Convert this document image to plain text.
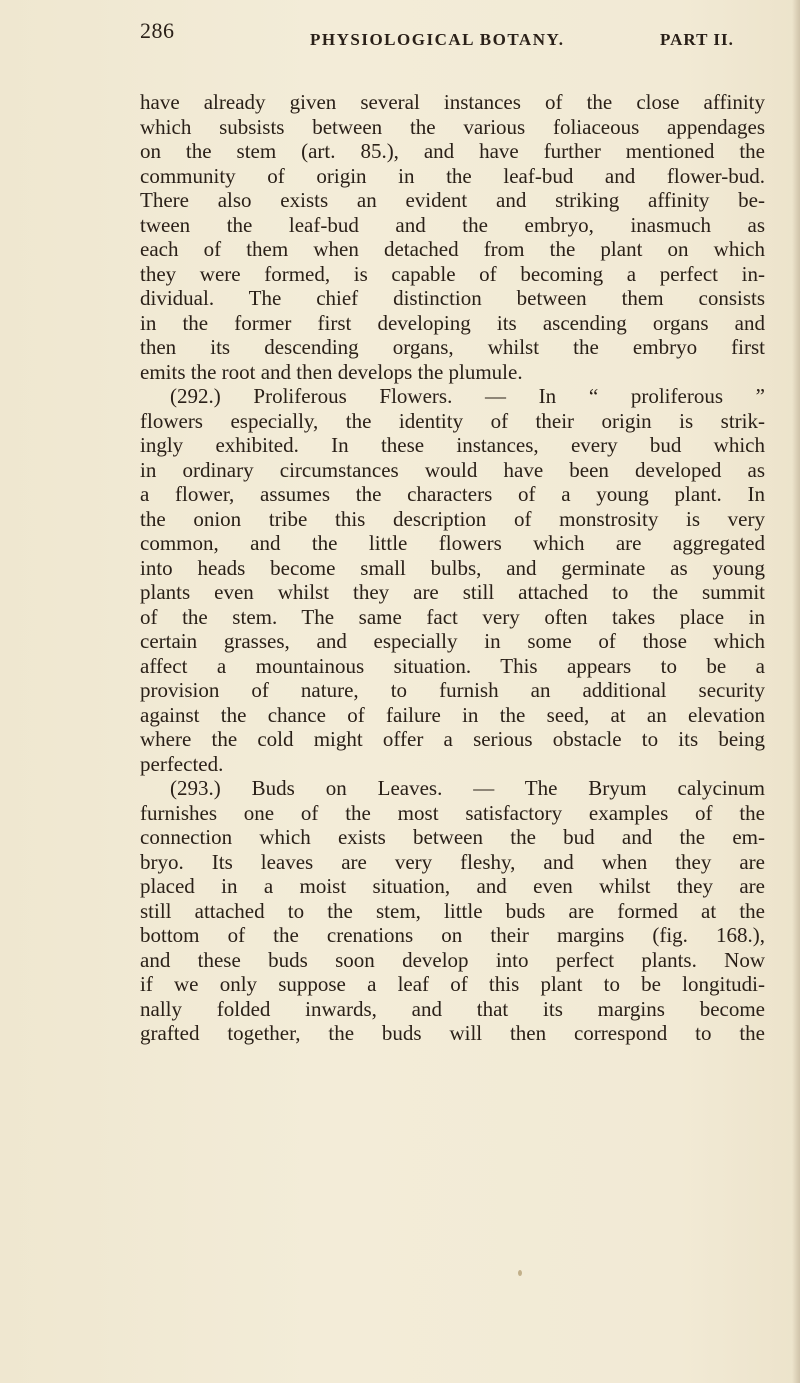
286	PHYSIOLOGICAL BOTANY.	PART II.
have already given several instances of the close affinity
which subsists between the various foliaceous appendages
on the stem (art. 85.), and have further mentioned the
community of origin in the leaf-bud and flower-bud.
There also exists an evident and striking affinity be-
tween the leaf-bud and the embryo, inasmuch as
each of them when detached from the plant on which
they were formed, is capable of becoming a perfect in-
dividual. The chief distinction between them consists
in the former first developing its ascending organs and
then its descending organs, whilst the embryo first
emits the root and then develops the plumule.
(292.) Proliferous Flowers. — In “ proliferous ”
flowers especially, the identity of their origin is strik-
ingly exhibited. In these instances, every bud which
in ordinary circumstances would have been developed as
a flower, assumes the characters of a young plant. In
the onion tribe this description of monstrosity is very
common, and the little flowers which are aggregated
into heads become small bulbs, and germinate as young
plants even whilst they are still attached to the summit
of the stem. The same fact very often takes place in
certain grasses, and especially in some of those which
affect a mountainous situation. This appears to be a
provision of nature, to furnish an additional security
against the chance of failure in the seed, at an elevation
where the cold might offer a serious obstacle to its being
perfected.
(293.) Buds on Leaves. — The Bryum calycinum
furnishes one of the most satisfactory examples of the
connection which exists between the bud and the em-
bryo. Its leaves are very fleshy, and when they are
placed in a moist situation, and even whilst they are
still attached to the stem, little buds are formed at the
bottom of the crenations on their margins (fig. 168.),
and these buds soon develop into perfect plants. Now
if we only suppose a leaf of this plant to be longitudi-
nally folded inwards, and that its margins become
grafted together, the buds will then correspond to the
